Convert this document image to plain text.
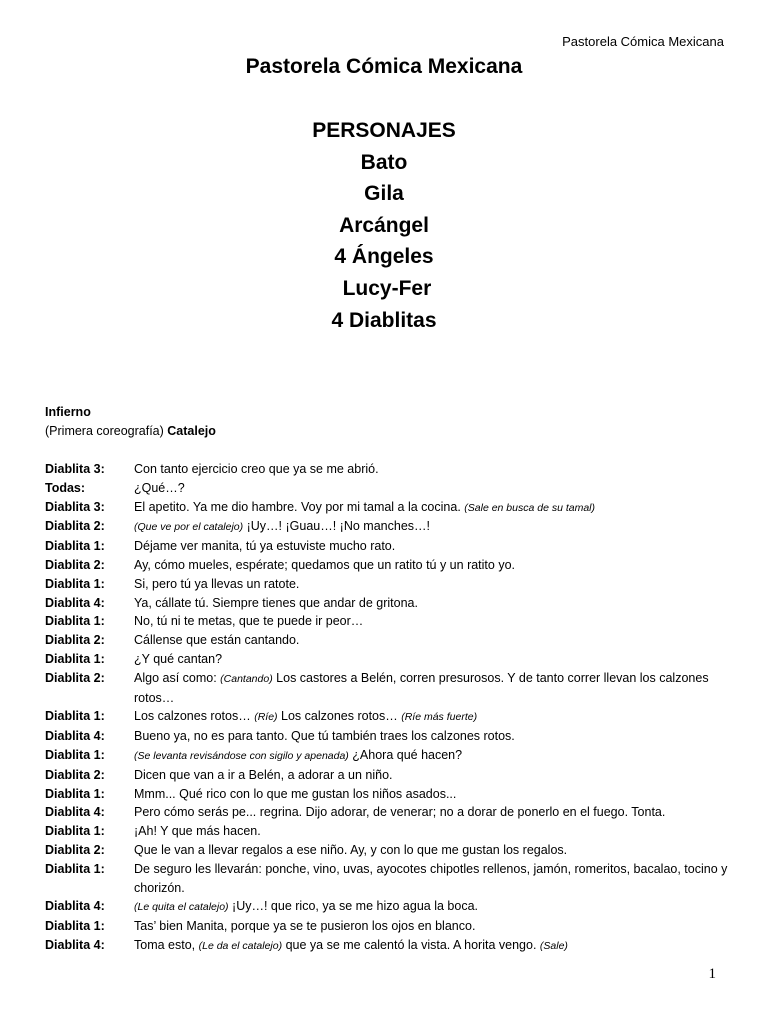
Pastorela Cómica Mexicana
Pastorela Cómica Mexicana
PERSONAJES
Bato
Gila
Arcángel
4 Ángeles
Lucy-Fer
4 Diablitas
Infierno
(Primera coreografía) Catalejo
Diablita 3:	Con tanto ejercicio creo que ya se me abrió.
Todas:	¿Qué…?
Diablita 3:	El apetito. Ya me dio hambre. Voy por mi tamal a la cocina. (Sale en busca de su tamal)
Diablita 2:	(Que ve por el catalejo) ¡Uy…! ¡Guau…! ¡No manches…!
Diablita 1:	Déjame ver manita, tú ya estuviste mucho rato.
Diablita 2:	Ay, cómo mueles, espérate; quedamos que un ratito tú y un ratito yo.
Diablita 1:	Si, pero tú ya llevas un ratote.
Diablita 4:	Ya, cállate tú. Siempre tienes que andar de gritona.
Diablita 1:	No, tú ni te metas, que te puede ir peor…
Diablita 2:	Cállense que están cantando.
Diablita 1:	¿Y qué cantan?
Diablita 2:	Algo así como: (Cantando) Los castores a Belén, corren presurosos. Y de tanto correr llevan los calzones rotos…
Diablita 1:	Los calzones rotos… (Ríe) Los calzones rotos… (Ríe más fuerte)
Diablita 4:	Bueno ya, no es para tanto. Que tú también traes los calzones rotos.
Diablita 1:	(Se levanta revisándose con sigilo y apenada) ¿Ahora qué hacen?
Diablita 2:	Dicen que van a ir a Belén, a adorar a un niño.
Diablita 1:	Mmm... Qué rico con lo que me gustan los niños asados...
Diablita 4:	Pero cómo serás pe... regrina. Dijo adorar, de venerar; no a dorar de ponerlo en el fuego. Tonta.
Diablita 1:	¡Ah! Y que más hacen.
Diablita 2:	Que le van a llevar regalos a ese niño. Ay, y con lo que me gustan los regalos.
Diablita 1:	De seguro les llevarán: ponche, vino, uvas, ayocotes chipotles rellenos, jamón, romeritos, bacalao, tocino y chorizón.
Diablita 4:	(Le quita el catalejo) ¡Uy…! que rico, ya se me hizo agua la boca.
Diablita 1:	Tas’ bien Manita, porque ya se te pusieron los ojos en blanco.
Diablita 4:	Toma esto, (Le da el catalejo) que ya se me calentó la vista. A horita vengo. (Sale)
1
